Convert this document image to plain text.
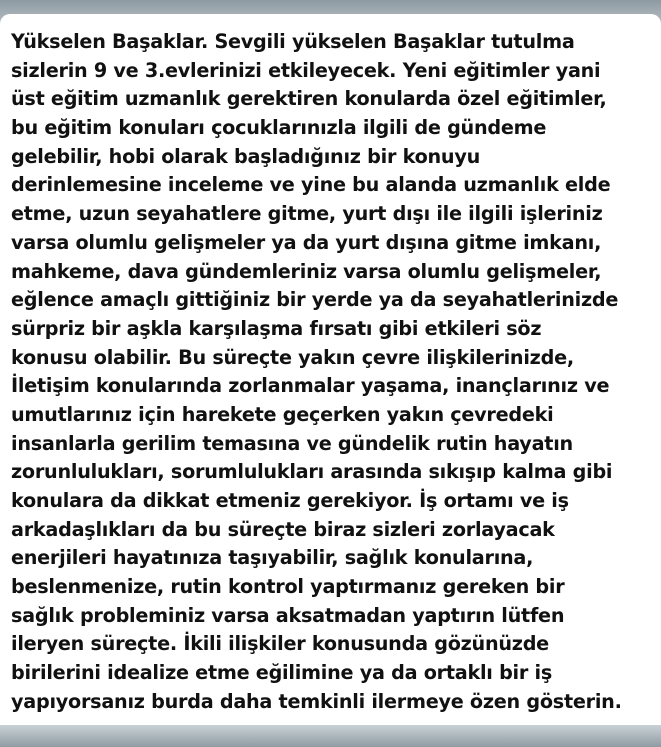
Yükselen Başaklar. Sevgili yükselen Başaklar tutulma
sizlerin 9 ve 3.evlerinizi etkileyecek. Yeni eğitimler yani
üst eğitim uzmanlık gerektiren konularda özel eğitimler,
bu eğitim konuları çocuklarınızla ilgili de gündeme
gelebilir, hobi olarak başladığınız bir konuyu
derinlemesine inceleme ve yine bu alanda uzmanlık elde
etme, uzun seyahatlere gitme, yurt dışı ile ilgili işleriniz
varsa olumlu gelişmeler ya da yurt dışına gitme imkanı,
mahkeme, dava gündemleriniz varsa olumlu gelişmeler,
eğlence amaçlı gittiğiniz bir yerde ya da seyahatlerinizde
sürpriz bir aşkla karşılaşma fırsatı gibi etkileri söz
konusu olabilir. Bu süreçte yakın çevre ilişkilerinizde,
İletişim konularında zorlanmalar yaşama, inançlarınız ve
umutlarınız için harekete geçerken yakın çevredeki
insanlarla gerilim temasına ve gündelik rutin hayatın
zorunlulukları, sorumlulukları arasında sıkışıp kalma gibi
konulara da dikkat etmeniz gerekiyor. İş ortamı ve iş
arkadaşlıkları da bu süreçte biraz sizleri zorlayacak
enerjileri hayatınıza taşıyabilir, sağlık konularına,
beslenmenize, rutin kontrol yaptırmanız gereken bir
sağlık probleminiz varsa aksatmadan yaptırın lütfen
ileryen süreçte. İkili ilişkiler konusunda gözünüzde
birilerini idealize etme eğilimine ya da ortaklı bir iş
yapıyorsanız burda daha temkinli ilermeye özen gösterin.
